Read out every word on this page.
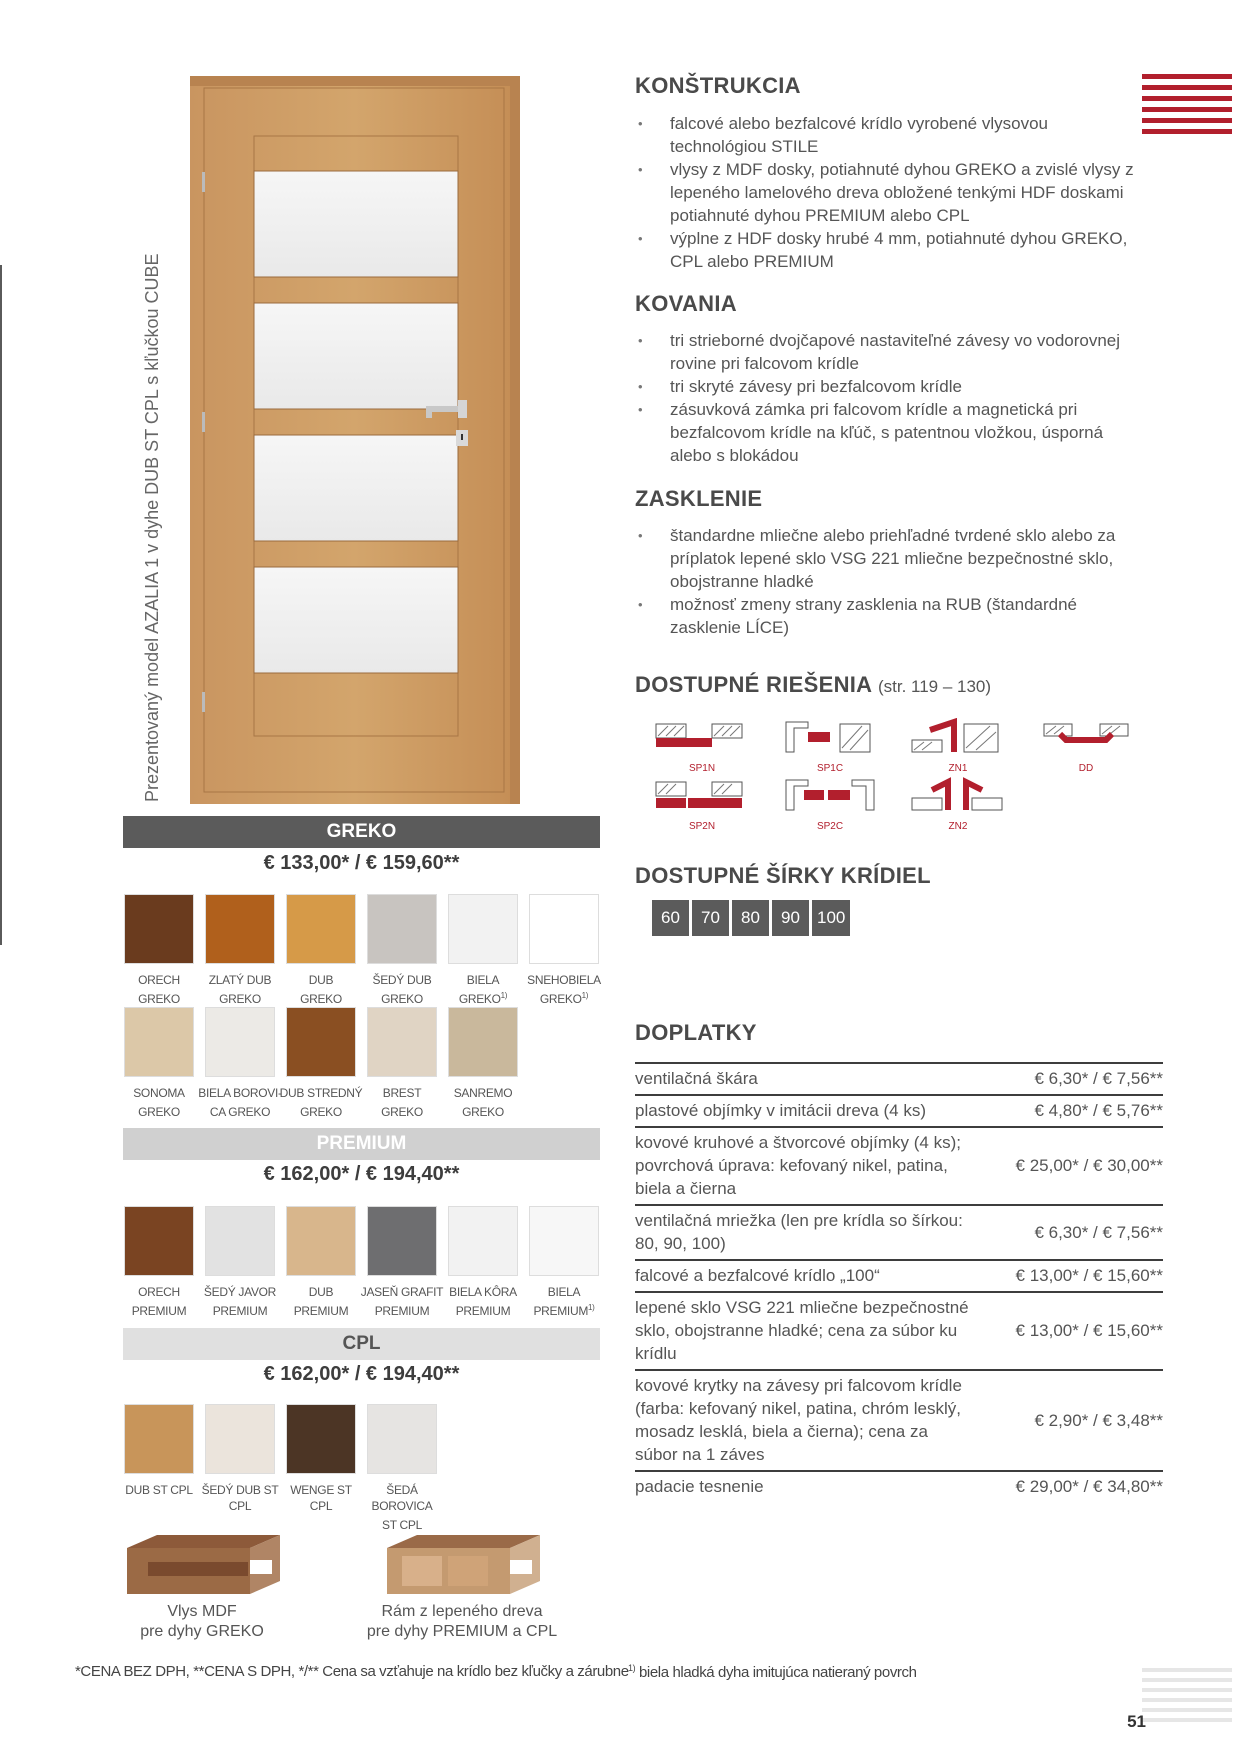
51
Prezentovaný model AZALIA 1 v dyhe DUB ST CPL s kľučkou CUBE
GREKO
€ 133,00* / € 159,60**
ORECH
GREKO
ZLATÝ DUB
GREKO
DUB
GREKO
ŠEDÝ DUB
GREKO
BIELA
GREKO$^{1)}$
SNEHOBIELA
GREKO$^{1)}$
SONOMA
GREKO
BIELA BOROVI-
CA GREKO
DUB STREDNÝ
GREKO
BREST
GREKO
SANREMO
GREKO
PREMIUM
€ 162,00* / € 194,40**
ORECH
PREMIUM
ŠEDÝ JAVOR
PREMIUM
DUB
PREMIUM
JASEŇ GRAFIT
PREMIUM
BIELA KÔRA
PREMIUM
BIELA
PREMIUM$^{1)}$
CPL
€ 162,00* / € 194,40**
DUB ST CPL ŠEDÝ DUB ST CPL
WENGE ST CPL
ŠEDÁ BOROVICA
ST CPL
Vlys MDF
pre dyhy GREKO
Rám z lepeného dreva
pre dyhy PREMIUM a CPL
*CENA BEZ DPH, **CENA S DPH, */** Cena sa vzťahuje na krídlo bez kľučky a zárubne $^{1)}$ biela hladká dyha imitujúca natieraný povrch
KONŠTRUKCIA
• falcové alebo bezfalcové krídlo vyrobené vlysovou technológiou STILE
• vlysy z MDF dosky, potiahnuté dyhou GREKO a zvislé vlysy z lepeného lamelového dreva obložené tenkými HDF doskami potiahnuté dyhou PREMIUM alebo CPL
• výplne z HDF dosky hrubé 4 mm, potiahnuté dyhou GREKO, CPL alebo PREMIUM
KOVANIA
• tri strieborné dvojčapové nastaviteľné závesy vo vodorovnej rovine pri falcovom krídle
• tri skryté závesy pri bezfalcovom krídle
• zásuvková zámka pri falcovom krídle a magnetická pri bezfalcovom krídle na kľúč, s patentnou vložkou, úsporná alebo s blokádou
ZASKLENIE
• štandardne mliečne alebo priehľadné tvrdené sklo alebo za príplatok lepené sklo VSG 221 mliečne bezpečnostné sklo, obojstranne hladké
• možnosť zmeny strany zasklenia na RUB (štandardné zasklenie LÍCE)
DOSTUPNÉ RIEŠENIA (str. 119 – 130)
SP1N	SP1C	ZN1	DD
SP2N	SP2C	ZN2
DOSTUPNÉ ŠÍRKY KRÍDIEL
60	70	80	90	100
DOPLATKY
ventilačná škára	€ 6,30* / € 7,56**
plastové objímky v imitácii dreva (4 ks)	€ 4,80* / € 5,76**
kovové kruhové a štvorcové objímky (4 ks); povrchová úprava: kefovaný nikel, patina, biela a čierna	€ 25,00* / € 30,00**
ventilačná mriežka (len pre krídla so šírkou: 80, 90, 100)	€ 6,30* / € 7,56**
falcové a bezfalcové krídlo „100“	€ 13,00* / € 15,60**
lepené sklo VSG 221 mliečne bezpečnostné sklo, obojstranne hladké; cena za súbor ku krídlu	€ 13,00* / € 15,60**
kovové krytky na závesy pri falcovom krídle (farba: kefovaný nikel, patina, chróm lesklý, mosadz lesklá, biela a čierna); cena za súbor na 1 záves	€ 2,90* / € 3,48**
padacie tesnenie	€ 29,00* / € 34,80**
